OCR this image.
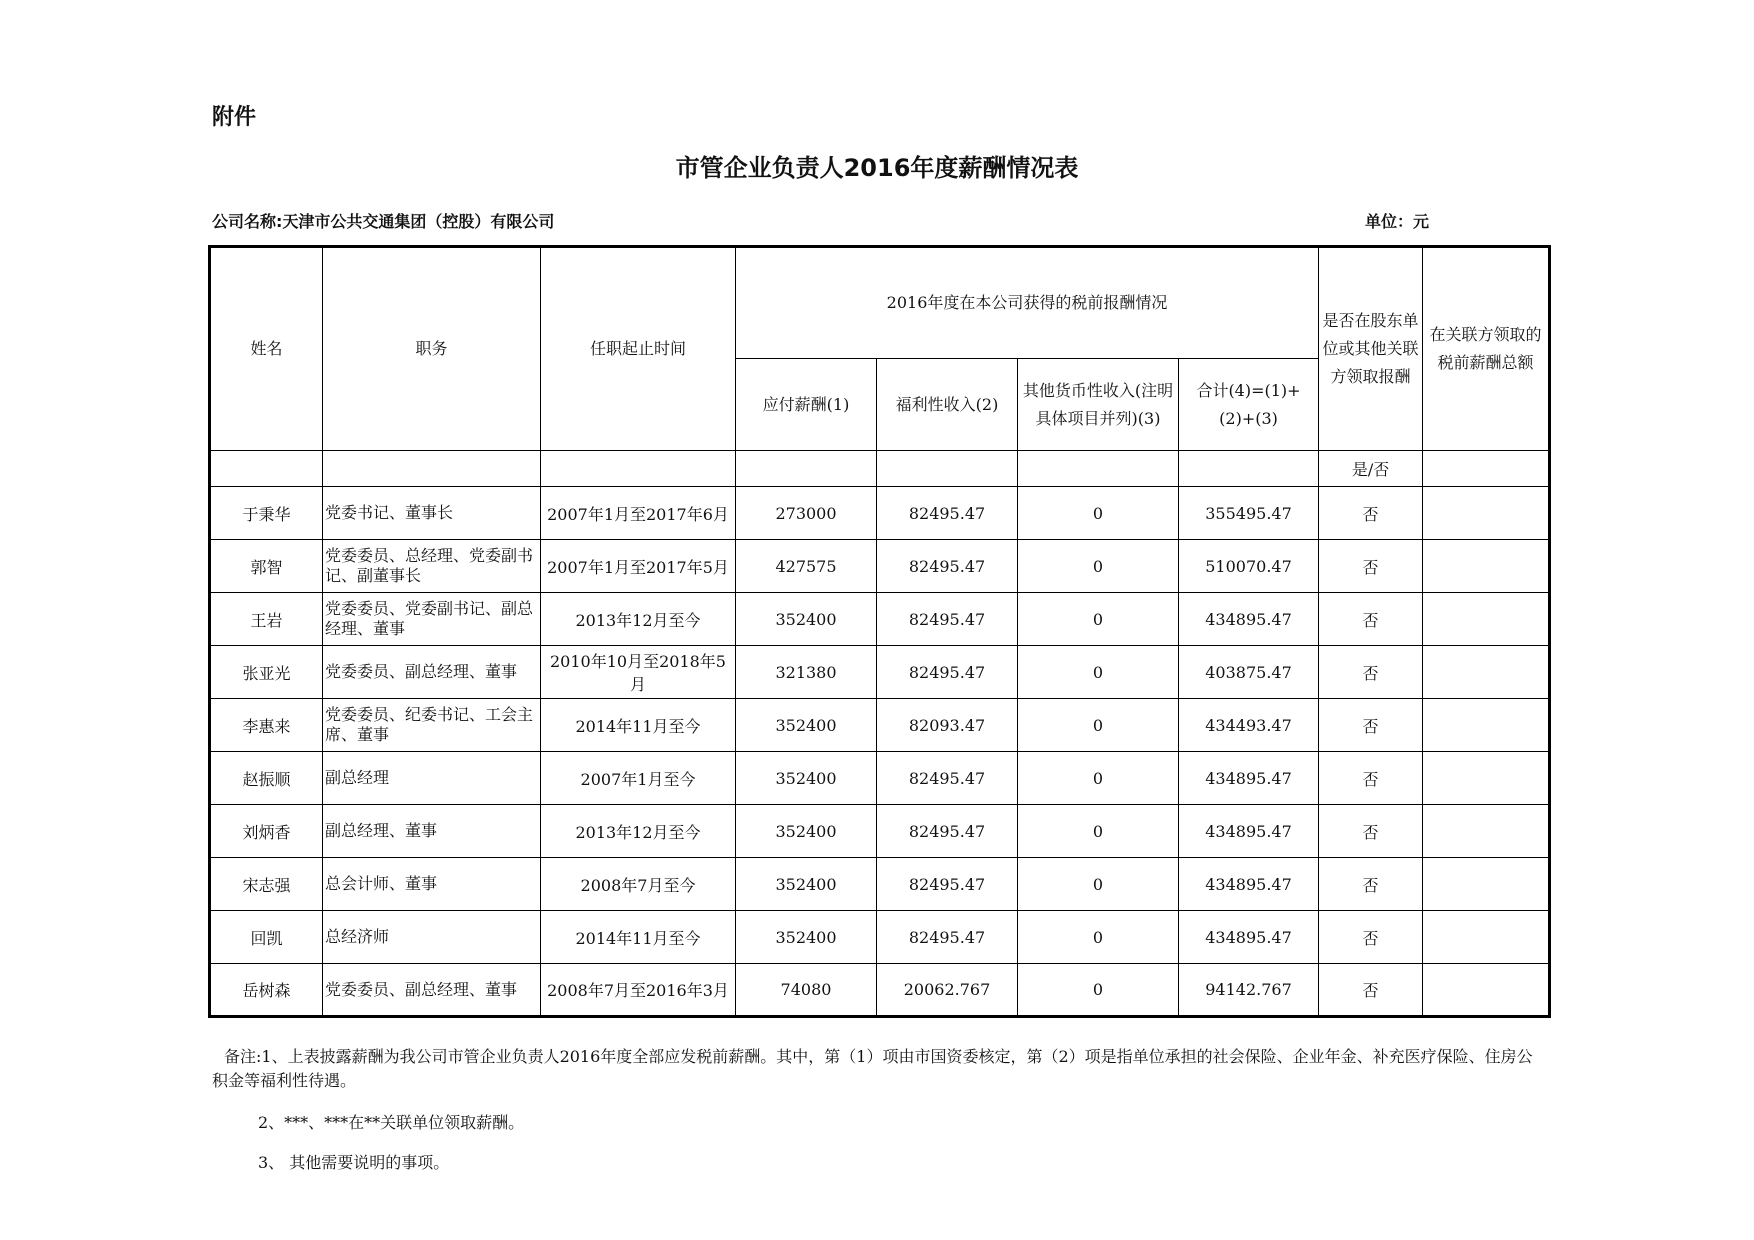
附件
市管企业负责人2016年度薪酬情况表
公司名称:天津市公共交通集团（控股）有限公司	单位：元
姓名	职务	任职起止时间	2016年度在本公司获得的税前报酬情况				是否在股东单位或其他关联方领取报酬	在关联方领取的税前薪酬总额
			应付薪酬(1)	福利性收入(2)	其他货币性收入(注明具体项目并列)(3)	合计(4)=(1)+(2)+(3)		
							是/否	
于秉华	党委书记、董事长	2007年1月至2017年6月	273000	82495.47	0	355495.47	否	
郭智	党委委员、总经理、党委副书记、副董事长	2007年1月至2017年5月	427575	82495.47	0	510070.47	否	
王岩	党委委员、党委副书记、副总经理、董事	2013年12月至今	352400	82495.47	0	434895.47	否	
张亚光	党委委员、副总经理、董事	2010年10月至2018年5月	321380	82495.47	0	403875.47	否	
李惠来	党委委员、纪委书记、工会主席、董事	2014年11月至今	352400	82093.47	0	434493.47	否	
赵振顺	副总经理	2007年1月至今	352400	82495.47	0	434895.47	否	
刘炳香	副总经理、董事	2013年12月至今	352400	82495.47	0	434895.47	否	
宋志强	总会计师、董事	2008年7月至今	352400	82495.47	0	434895.47	否	
回凯	总经济师	2014年11月至今	352400	82495.47	0	434895.47	否	
岳树森	党委委员、副总经理、董事	2008年7月至2016年3月	74080	20062.767	0	94142.767	否	
备注:1、上表披露薪酬为我公司市管企业负责人2016年度全部应发税前薪酬。其中，第（1）项由市国资委核定，第（2）项是指单位承担的社会保险、企业年金、补充医疗保险、住房公积金等福利性待遇。
2、***、***在**关联单位领取薪酬。
3、 其他需要说明的事项。
